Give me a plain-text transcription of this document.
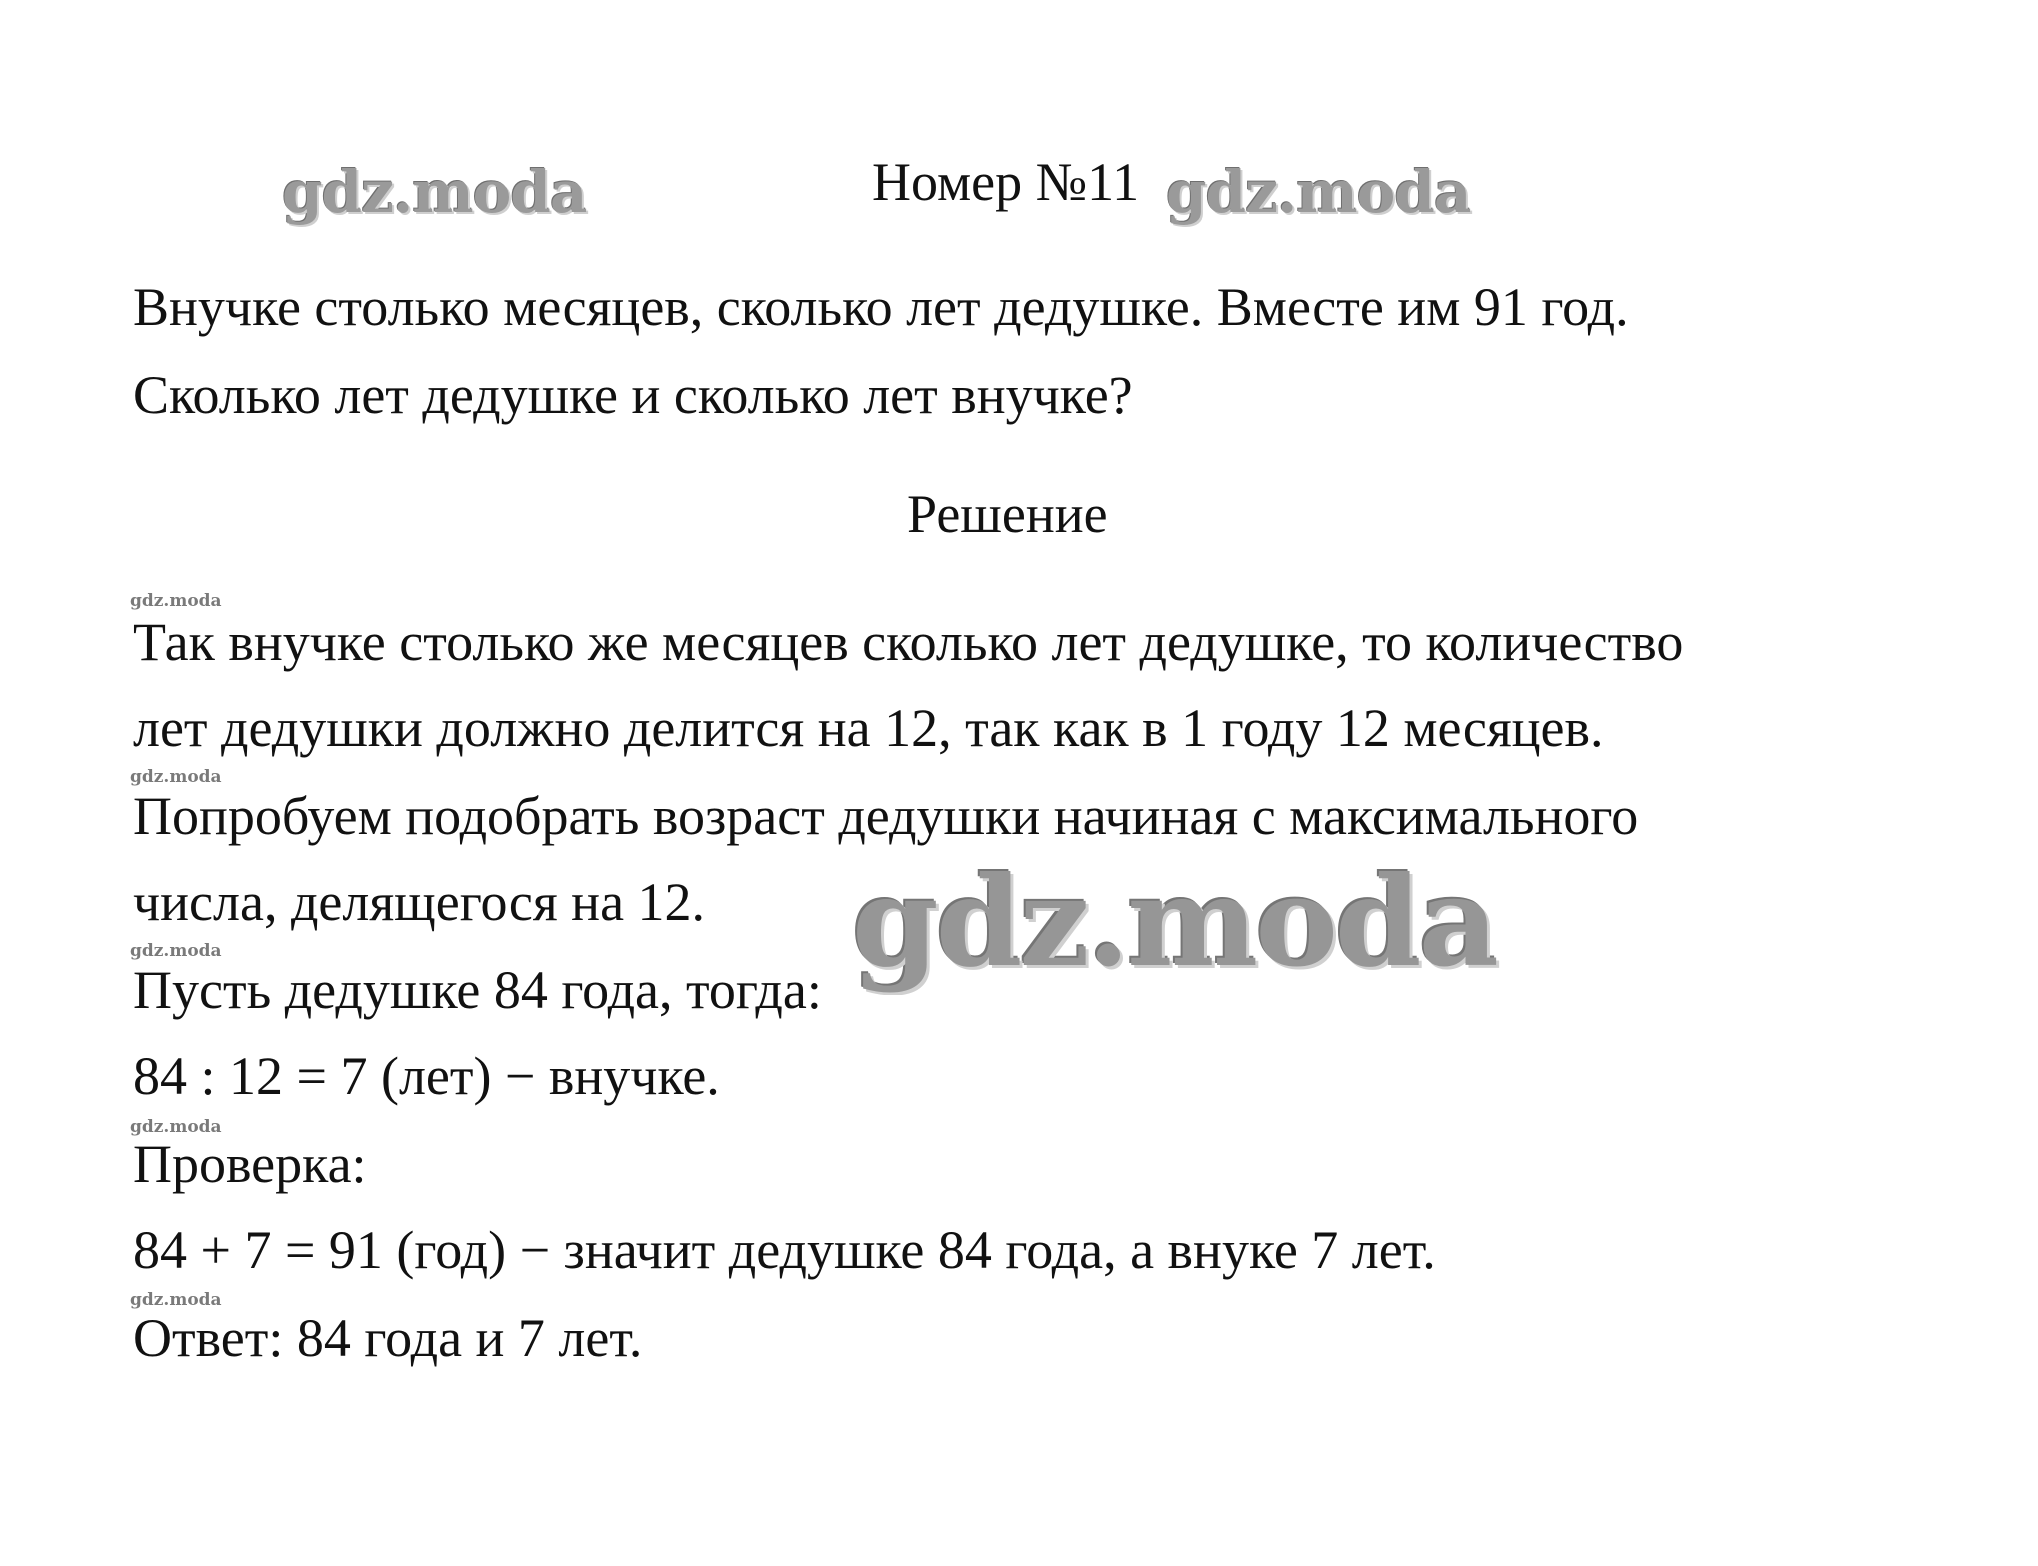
gdz.moda	Номер №11 gdz.moda
Внучке столько месяцев, сколько лет дедушке. Вместе им 91 год.
Сколько лет дедушке и сколько лет внучке?
Решение
gdz.moda
gdz.moda
gdz.moda
gdz.moda
gdz.moda
Так внучке столько же месяцев сколько лет дедушке, то количество
лет дедушки должно делится на 12, так как в 1 году 12 месяцев.
Попробуем подобрать возраст дедушки начиная с максимального
числа, делящегося на 12.
Пусть дедушке 84 года, тогда:
84 : 12 = 7 (лет) − внучке.
Проверка:
84 + 7 = 91 (год) − значит дедушке 84 года, а внуке 7 лет.
Ответ: 84 года и 7 лет.
gdz.moda
